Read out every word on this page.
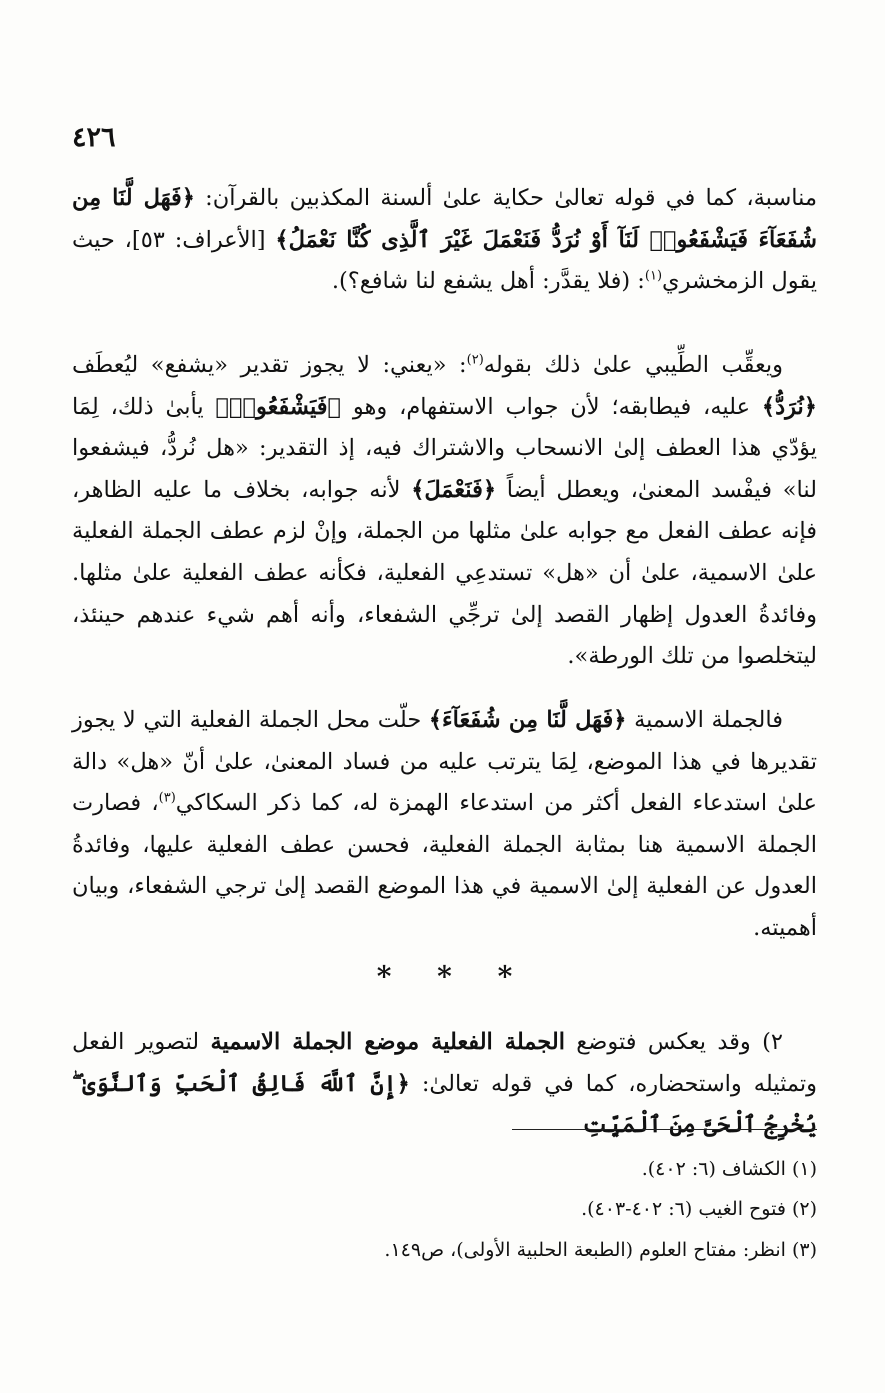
٤٢٦

مناسبة، كما في قوله تعالىٰ حكاية علىٰ ألسنة المكذبين بالقرآن: ﴿فَهَل لَّنَا مِن شُفَعَآءَ فَيَشْفَعُوا۟ لَنَآ أَوْ نُرَدُّ فَنَعْمَلَ غَيْرَ ٱلَّذِى كُنَّا نَعْمَلُ﴾ [الأعراف: ٥٣]، حيث يقول الزمخشري$^{(١)}$: (فلا يقدَّر: أهل يشفع لنا شافع؟).

ويعقِّب الطِّيبي علىٰ ذلك بقوله$^{(٢)}$: «يعني: لا يجوز تقدير «يشفع» ليُعطَف ﴿نُرَدُّ﴾ عليه، فيطابقه؛ لأن جواب الاستفهام، وهو ﴿فَيَشْفَعُوا۟﴾ يأبىٰ ذلك، لِمَا يؤدّي هذا العطف إلىٰ الانسحاب والاشتراك فيه، إذ التقدير: «هل نُردُّ، فيشفعوا لنا» فيفْسد المعنىٰ، ويعطل أيضاً ﴿فَنَعْمَلَ﴾ لأنه جوابه، بخلاف ما عليه الظاهر، فإنه عطف الفعل مع جوابه علىٰ مثلها من الجملة، وإنْ لزم عطف الجملة الفعلية علىٰ الاسمية، علىٰ أن «هل» تستدعِي الفعلية، فكأنه عطف الفعلية علىٰ مثلها. وفائدةُ العدول إظهار القصد إلىٰ ترجِّي الشفعاء، وأنه أهم شيء عندهم حينئذ، ليتخلصوا من تلك الورطة».

فالجملة الاسمية ﴿فَهَل لَّنَا مِن شُفَعَآءَ﴾ حلّت محل الجملة الفعلية التي لا يجوز تقديرها في هذا الموضع، لِمَا يترتب عليه من فساد المعنىٰ، علىٰ أنّ «هل» دالة علىٰ استدعاء الفعل أكثر من استدعاء الهمزة له، كما ذكر السكاكي$^{(٣)}$، فصارت الجملة الاسمية هنا بمثابة الجملة الفعلية، فحسن عطف الفعلية عليها، وفائدةُ العدول عن الفعلية إلىٰ الاسمية في هذا الموضع القصد إلىٰ ترجي الشفعاء، وبيان أهميته.

* * *

٢) وقد يعكس فتوضع الجملة الفعلية موضع الجملة الاسمية لتصوير الفعل وتمثيله واستحضاره، كما في قوله تعالىٰ: ﴿إِنَّ ٱللَّهَ فَالِقُ ٱلْحَبِّ وَٱلنَّوَىٰ ۖ يُخْرِجُ ٱلْحَىَّ مِنَ ٱلْمَيِّتِ

(١) الكشاف (٦: ٤٠٢).

(٢) فتوح الغيب (٦: ٤٠٢-٤٠٣).

(٣) انظر: مفتاح العلوم (الطبعة الحلبية الأولى)، ص١٤٩.
